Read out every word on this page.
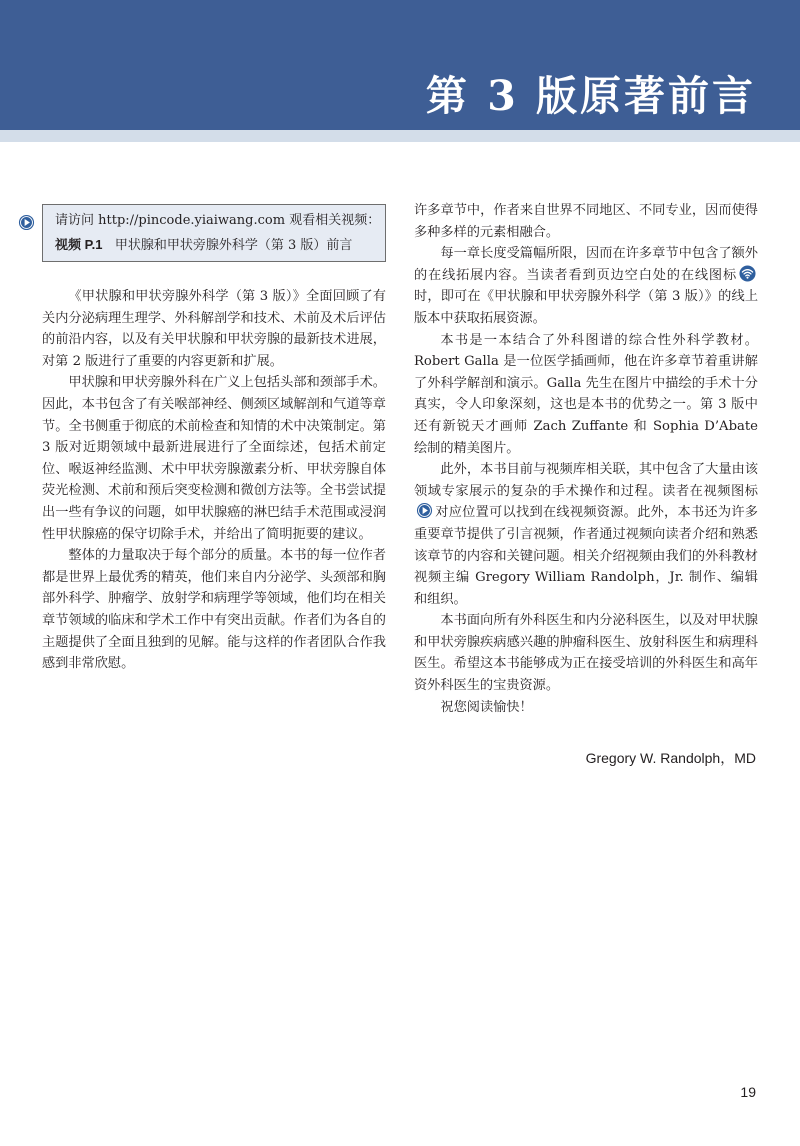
第 3 版原著前言
请访问 http://pincode.yiaiwang.com 观看相关视频：
视频 P.1 甲状腺和甲状旁腺外科学（第 3 版）前言

《甲状腺和甲状旁腺外科学（第 3 版）》全面回顾了有关内分泌病理生理学、外科解剖学和技术、术前及术后评估的前沿内容，以及有关甲状腺和甲状旁腺的最新技术进展，对第 2 版进行了重要的内容更新和扩展。

甲状腺和甲状旁腺外科在广义上包括头部和颈部手术。因此，本书包含了有关喉部神经、侧颈区域解剖和气道等章节。全书侧重于彻底的术前检查和知情的术中决策制定。第 3 版对近期领域中最新进展进行了全面综述，包括术前定位、喉返神经监测、术中甲状旁腺激素分析、甲状旁腺自体荧光检测、术前和预后突变检测和微创方法等。全书尝试提出一些有争议的问题，如甲状腺癌的淋巴结手术范围或浸润性甲状腺癌的保守切除手术，并给出了简明扼要的建议。

整体的力量取决于每个部分的质量。本书的每一位作者都是世界上最优秀的精英，他们来自内分泌学、头颈部和胸部外科学、肿瘤学、放射学和病理学等领域，他们均在相关章节领域的临床和学术工作中有突出贡献。作者们为各自的主题提供了全面且独到的见解。能与这样的作者团队合作我感到非常欣慰。

许多章节中，作者来自世界不同地区、不同专业，因而使得多种多样的元素相融合。

每一章长度受篇幅所限，因而在许多章节中包含了额外的在线拓展内容。当读者看到页边空白处的在线图标时，即可在《甲状腺和甲状旁腺外科学（第 3 版）》的线上版本中获取拓展资源。

本书是一本结合了外科图谱的综合性外科学教材。Robert Galla 是一位医学插画师，他在许多章节着重讲解了外科学解剖和演示。Galla 先生在图片中描绘的手术十分真实，令人印象深刻，这也是本书的优势之一。第 3 版中还有新锐天才画师 Zach Zuffante 和 Sophia D’Abate 绘制的精美图片。

此外，本书目前与视频库相关联，其中包含了大量由该领域专家展示的复杂的手术操作和过程。读者在视频图标对应位置可以找到在线视频资源。此外，本书还为许多重要章节提供了引言视频，作者通过视频向读者介绍和熟悉该章节的内容和关键问题。相关介绍视频由我们的外科教材视频主编 Gregory William Randolph，Jr. 制作、编辑和组织。

本书面向所有外科医生和内分泌科医生，以及对甲状腺和甲状旁腺疾病感兴趣的肿瘤科医生、放射科医生和病理科医生。希望这本书能够成为正在接受培训的外科医生和高年资外科医生的宝贵资源。

祝您阅读愉快！

Gregory W. Randolph，MD

19
